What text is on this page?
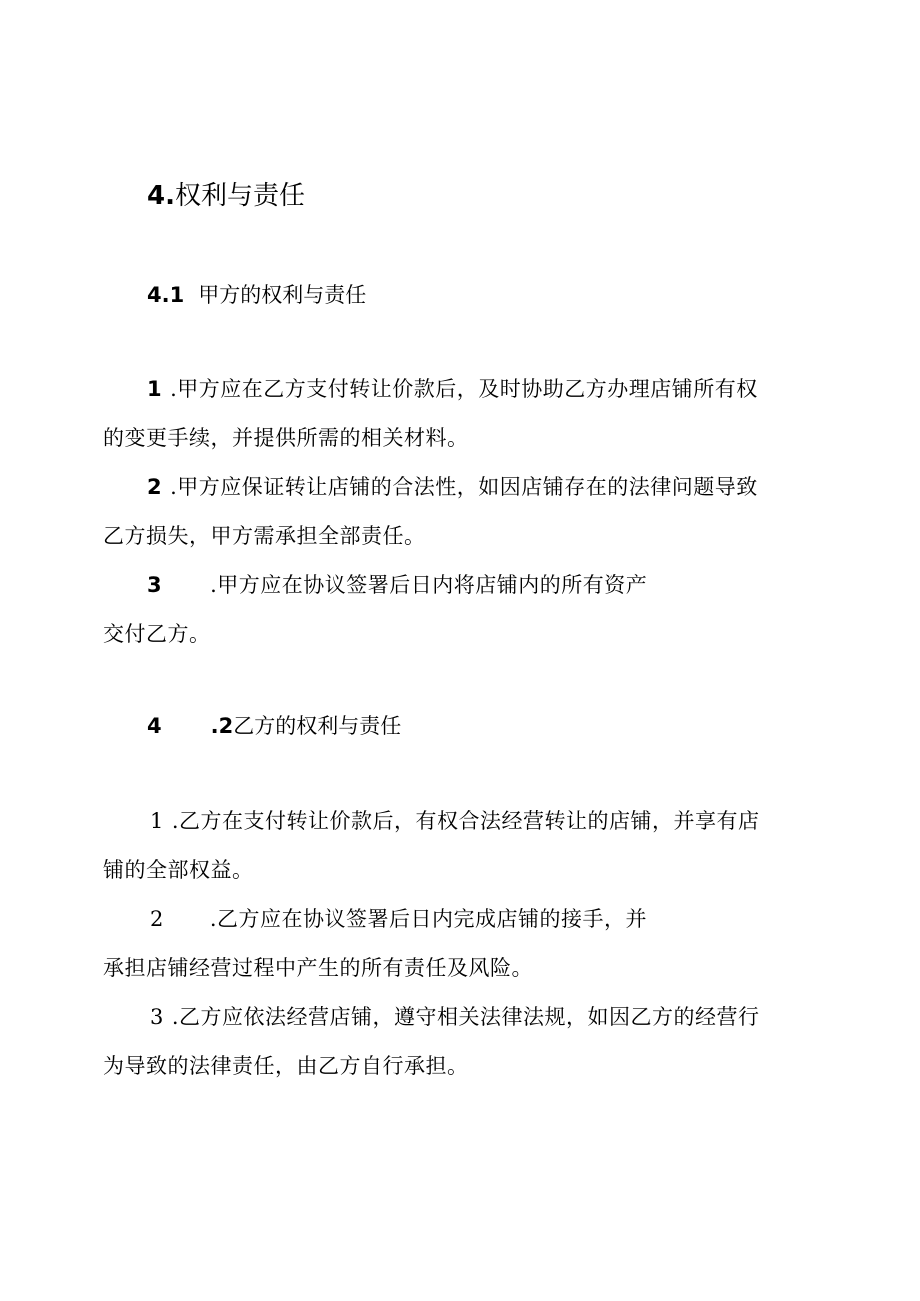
4.权利与责任
4.1 甲方的权利与责任
1 .甲方应在乙方支付转让价款后，及时协助乙方办理店铺所有权
的变更手续，并提供所需的相关材料。
2 .甲方应保证转让店铺的合法性，如因店铺存在的法律问题导致
乙方损失，甲方需承担全部责任。
3 .甲方应在协议签署后日内将店铺内的所有资产
交付乙方。
4 .2乙方的权利与责任
1 .乙方在支付转让价款后，有权合法经营转让的店铺，并享有店
铺的全部权益。
2 .乙方应在协议签署后日内完成店铺的接手，并
承担店铺经营过程中产生的所有责任及风险。
3 .乙方应依法经营店铺，遵守相关法律法规，如因乙方的经营行
为导致的法律责任，由乙方自行承担。
